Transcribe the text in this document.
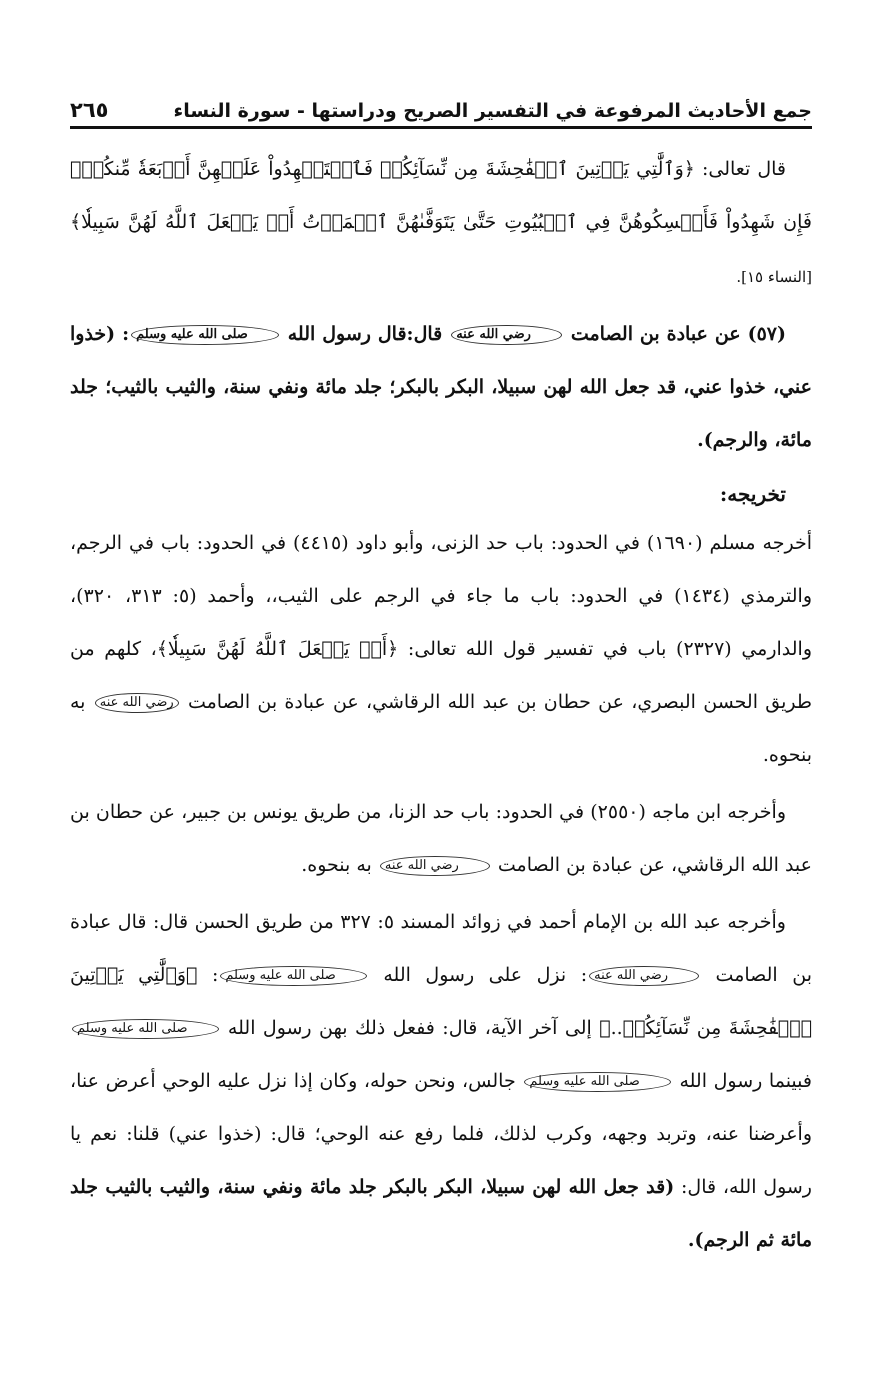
جمع الأحاديث المرفوعة في التفسير الصريح ودراستها - سورة النساء
٢٦٥

قال تعالى: ﴿وَٱلَّٰتِي يَأۡتِينَ ٱلۡفَٰحِشَةَ مِن نِّسَآئِكُمۡ فَٱسۡتَشۡهِدُواْ عَلَيۡهِنَّ أَرۡبَعَةٗ مِّنكُمۡۖ فَإِن شَهِدُواْ فَأَمۡسِكُوهُنَّ فِي ٱلۡبُيُوتِ حَتَّىٰ يَتَوَفَّىٰهُنَّ ٱلۡمَوۡتُ أَوۡ يَجۡعَلَ ٱللَّهُ لَهُنَّ سَبِيلٗا﴾ [النساء ١٥].

(٥٧) عن عبادة بن الصامت رضي الله عنه قال:قال رسول الله صلى الله عليه وسلم: (خذوا عني، خذوا عني، قد جعل الله لهن سبيلا، البكر بالبكر؛ جلد مائة ونفي سنة، والثيب بالثيب؛ جلد مائة، والرجم).

تخريجه:

أخرجه مسلم (١٦٩٠) في الحدود: باب حد الزنى، وأبو داود (٤٤١٥) في الحدود: باب في الرجم، والترمذي (١٤٣٤) في الحدود: باب ما جاء في الرجم على الثيب،، وأحمد (٥: ٣١٣، ٣٢٠)، والدارمي (٢٣٢٧) باب في تفسير قول الله تعالى: ﴿أَوۡ يَجۡعَلَ ٱللَّهُ لَهُنَّ سَبِيلٗا﴾، كلهم من طريق الحسن البصري، عن حطان بن عبد الله الرقاشي، عن عبادة بن الصامت رضي الله عنه به بنحوه.

وأخرجه ابن ماجه (٢٥٥٠) في الحدود: باب حد الزنا، من طريق يونس بن جبير، عن حطان بن عبد الله الرقاشي، عن عبادة بن الصامت رضي الله عنه به بنحوه.

وأخرجه عبد الله بن الإمام أحمد في زوائد المسند ٥: ٣٢٧ من طريق الحسن قال: قال عبادة بن الصامت رضي الله عنه: نزل على رسول الله صلى الله عليه وسلم: ﴿وَٱلَّٰتِي يَأۡتِينَ ٱلۡفَٰحِشَةَ مِن نِّسَآئِكُمۡ..﴾ إلى آخر الآية، قال: ففعل ذلك بهن رسول الله صلى الله عليه وسلم فبينما رسول الله صلى الله عليه وسلم جالس، ونحن حوله، وكان إذا نزل عليه الوحي أعرض عنا، وأعرضنا عنه، وتربد وجهه، وكرب لذلك، فلما رفع عنه الوحي؛ قال: (خذوا عني) قلنا: نعم يا رسول الله، قال: (قد جعل الله لهن سبيلا، البكر بالبكر جلد مائة ونفي سنة، والثيب بالثيب جلد مائة ثم الرجم).
